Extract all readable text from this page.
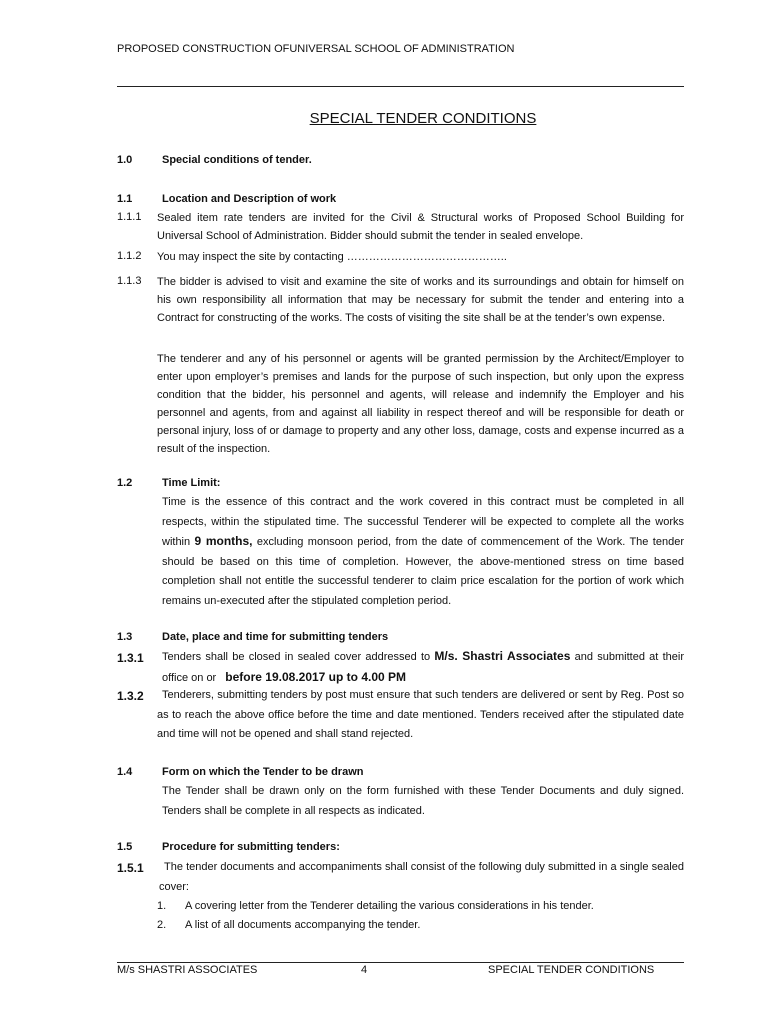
PROPOSED CONSTRUCTION OFUNIVERSAL SCHOOL OF ADMINISTRATION
SPECIAL TENDER CONDITIONS
1.0	Special conditions of tender.
1.1	Location and Description of work
1.1.1 Sealed item rate tenders are invited for the Civil & Structural works of Proposed School Building for Universal School of Administration. Bidder should submit the tender in sealed envelope.
1.1.2 You may inspect the site by contacting ……………………………………..
1.1.3 The bidder is advised to visit and examine the site of works and its surroundings and obtain for himself on his own responsibility all information that may be necessary for submit the tender and entering into a Contract for constructing of the works. The costs of visiting the site shall be at the tender’s own expense.
The tenderer and any of his personnel or agents will be granted permission by the Architect/Employer to enter upon employer’s premises and lands for the purpose of such inspection, but only upon the express condition that the bidder, his personnel and agents, will release and indemnify the Employer and his personnel and agents, from and against all liability in respect thereof and will be responsible for death or personal injury, loss of or damage to property and any other loss, damage, costs and expense incurred as a result of the inspection.
1.2	Time Limit:
Time is the essence of this contract and the work covered in this contract must be completed in all respects, within the stipulated time. The successful Tenderer will be expected to complete all the works within 9 months, excluding monsoon period, from the date of commencement of the Work. The tender should be based on this time of completion. However, the above-mentioned stress on time based completion shall not entitle the successful tenderer to claim price escalation for the portion of work which remains un-executed after the stipulated completion period.
1.3	Date, place and time for submitting tenders
1.3.1 Tenders shall be closed in sealed cover addressed to M/s. Shastri Associates and submitted at their office on or before 19.08.2017 up to 4.00 PM
1.3.2	Tenderers, submitting tenders by post must ensure that such tenders are delivered or sent by Reg. Post so as to reach the above office before the time and date mentioned. Tenders received after the stipulated date and time will not be opened and shall stand rejected.
1.4	Form on which the Tender to be drawn
The Tender shall be drawn only on the form furnished with these Tender Documents and duly signed. Tenders shall be complete in all respects as indicated.
1.5	Procedure for submitting tenders:
1.5.1	The tender documents and accompaniments shall consist of the following duly submitted in a single sealed cover:
1. A covering letter from the Tenderer detailing the various considerations in his tender.
2. A list of all documents accompanying the tender.
M/s SHASTRI ASSOCIATES	4	SPECIAL TENDER CONDITIONS
